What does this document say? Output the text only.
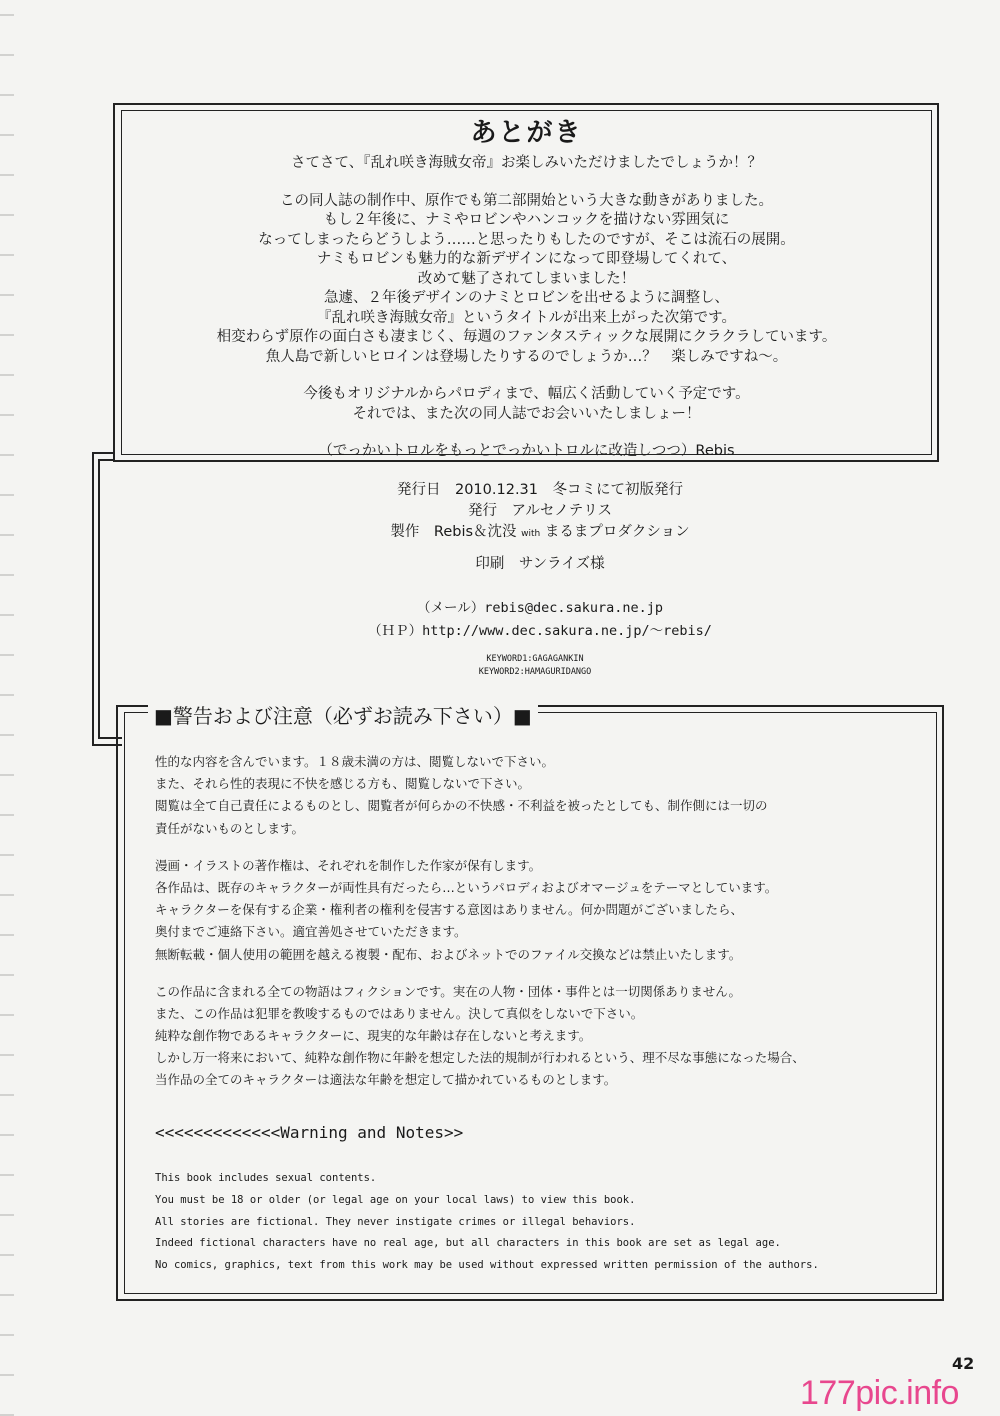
あとがき
さてさて、『乱れ咲き海賊女帝』お楽しみいただけましたでしょうか！？
この同人誌の制作中、原作でも第二部開始という大きな動きがありました。
もし２年後に、ナミやロビンやハンコックを描けない雰囲気に
なってしまったらどうしよう……と思ったりもしたのですが、そこは流石の展開。
ナミもロビンも魅力的な新デザインになって即登場してくれて、
改めて魅了されてしまいました！
急遽、２年後デザインのナミとロビンを出せるように調整し、
『乱れ咲き海賊女帝』というタイトルが出来上がった次第です。
相変わらず原作の面白さも凄まじく、毎週のファンタスティックな展開にクラクラしています。
魚人島で新しいヒロインは登場したりするのでしょうか…？　楽しみですね〜。
今後もオリジナルからパロディまで、幅広く活動していく予定です。
それでは、また次の同人誌でお会いいたしましょー！
（でっかいトロルをもっとでっかいトロルに改造しつつ）Rebis
発行日　2010.12.31　冬コミにて初版発行
発行　アルセノテリス
製作　Rebis＆沈没 with まるまプロダクション
印刷　サンライズ様
（メール）rebis@dec.sakura.ne.jp
（ＨＰ）http://www.dec.sakura.ne.jp/〜rebis/
KEYWORD1:GAGAGANKIN
KEYWORD2:HAMAGURIDANGO
■警告および注意（必ずお読み下さい）■
性的な内容を含んでいます。１８歳未満の方は、閲覧しないで下さい。
また、それら性的表現に不快を感じる方も、閲覧しないで下さい。
閲覧は全て自己責任によるものとし、閲覧者が何らかの不快感・不利益を被ったとしても、制作側には一切の
責任がないものとします。
漫画・イラストの著作権は、それぞれを制作した作家が保有します。
各作品は、既存のキャラクターが両性具有だったら…というパロディおよびオマージュをテーマとしています。
キャラクターを保有する企業・権利者の権利を侵害する意図はありません。何か問題がございましたら、
奥付までご連絡下さい。適宜善処させていただきます。
無断転載・個人使用の範囲を越える複製・配布、およびネットでのファイル交換などは禁止いたします。
この作品に含まれる全ての物語はフィクションです。実在の人物・団体・事件とは一切関係ありません。
また、この作品は犯罪を教唆するものではありません。決して真似をしないで下さい。
純粋な創作物であるキャラクターに、現実的な年齢は存在しないと考えます。
しかし万一将来において、純粋な創作物に年齢を想定した法的規制が行われるという、理不尽な事態になった場合、
当作品の全てのキャラクターは適法な年齢を想定して描かれているものとします。
<<<<<<<<<<<<<Warning and Notes>>
This book includes sexual contents.
You must be 18 or older (or legal age on your local laws) to view this book.
All stories are fictional. They never instigate crimes or illegal behaviors.
Indeed fictional characters have no real age, but all characters in this book are set as legal age.
No comics, graphics, text from this work may be used without expressed written permission of the authors.
42
177pic.info
